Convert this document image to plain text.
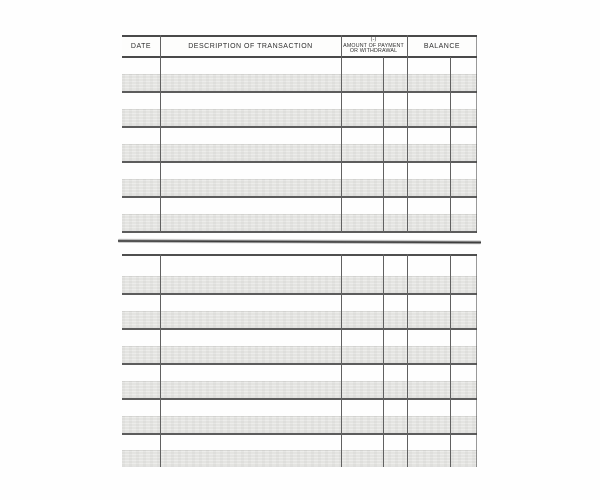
DATE	DESCRIPTION OF TRANSACTION
(-)
AMOUNT OF PAYMENT
OR WITHDRAWAL
BALANCE
